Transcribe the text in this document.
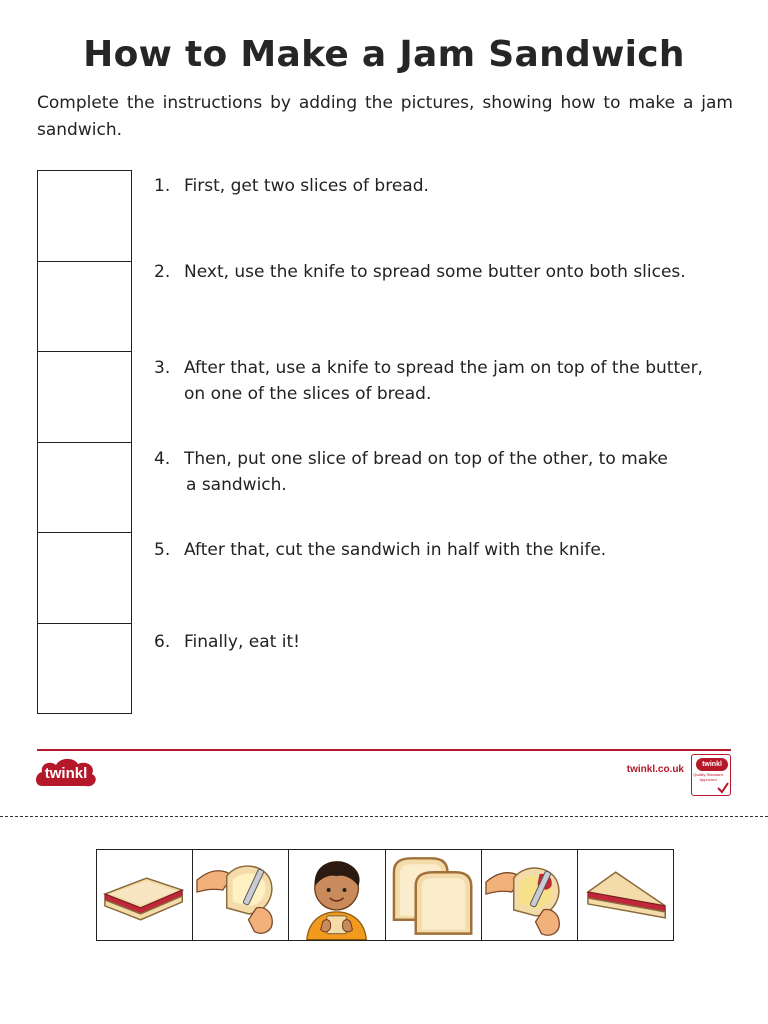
How to Make a Jam Sandwich
Complete the instructions by adding the pictures, showing how to make a jam sandwich.
1. First, get two slices of bread.
2. Next, use the knife to spread some butter onto both slices.
3. After that, use a knife to spread the jam on top of the butter,
on one of the slices of bread.
4. Then, put one slice of bread on top of the other, to make
a sandwich.
5. After that, cut the sandwich in half with the knife.
6. Finally, eat it!
twinkl	twinkl.co.uk	twinkl
Quality Standard Approved
